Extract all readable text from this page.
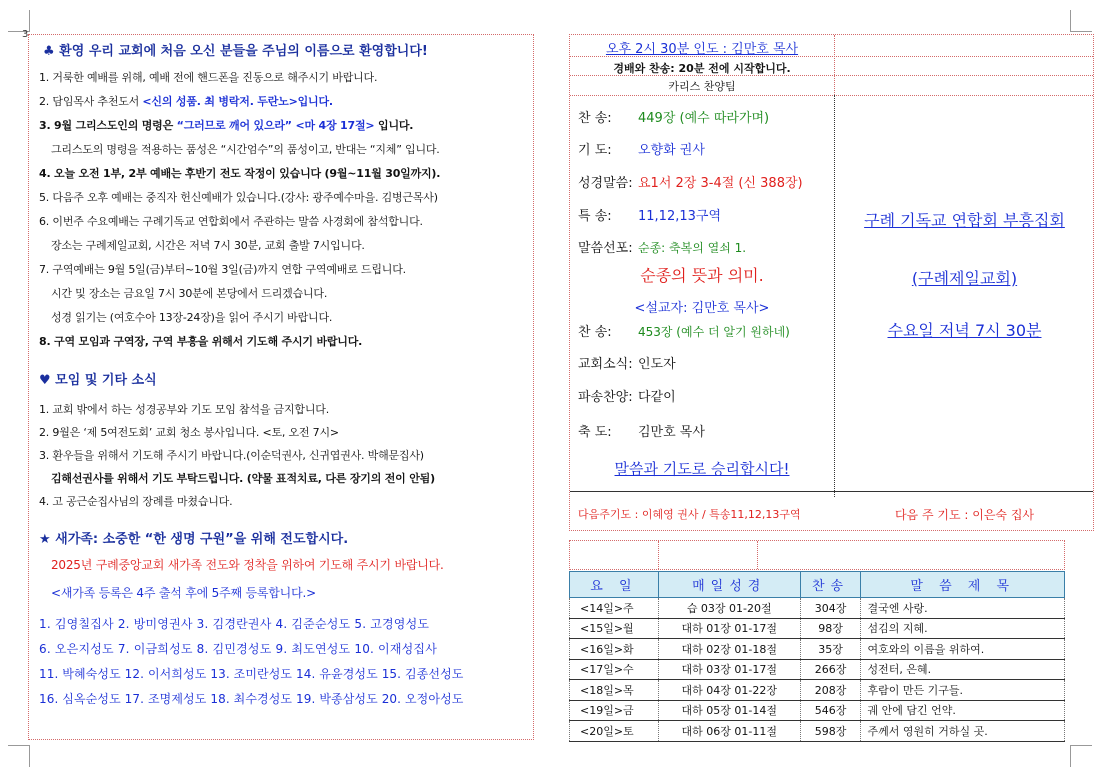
3
♣ 환영 우리 교회에 처음 오신 분들을 주님의 이름으로 환영합니다!
1. 거룩한 예배를 위해, 예배 전에 핸드폰을 진동으로 해주시기 바랍니다.
2. 담임목사 추천도서 <신의 성품. 최 병락저. 두란노>입니다.
3. 9월 그리스도인의 명령은 “그러므로 깨어 있으라” <마 4장 17절> 입니다.
그리스도의 명령을 적용하는 품성은 “시간엄수”의 품성이고, 반대는 “지체” 입니다.
4. 오늘 오전 1부, 2부 예배는 후반기 전도 작정이 있습니다 (9월~11월 30일까지).
5. 다음주 오후 예배는 중직자 헌신예배가 있습니다.(강사: 광주예수마을. 김병근목사)
6. 이번주 수요예배는 구례기독교 연합회에서 주관하는 말씀 사경회에 참석합니다.
장소는 구례제일교회, 시간은 저녁 7시 30분, 교회 출발 7시입니다.
7. 구역예배는 9월 5일(금)부터~10월 3일(금)까지 연합 구역예배로 드립니다.
시간 및 장소는 금요일 7시 30분에 본당에서 드리겠습니다.
성경 읽기는 (여호수아 13장-24장)을 읽어 주시기 바랍니다.
8. 구역 모임과 구역장, 구역 부흥을 위해서 기도해 주시기 바랍니다.
♥ 모임 및 기타 소식
1. 교회 밖에서 하는 성경공부와 기도 모임 참석을 금지합니다.
2. 9월은 ‘제 5여전도회’ 교회 청소 봉사입니다. <토, 오전 7시>
3. 환우들을 위해서 기도해 주시기 바랍니다.(이순덕권사, 신귀엽권사. 박해문집사)
김해선권사를 위해서 기도 부탁드립니다. (약물 표적치료, 다른 장기의 전이 안됨)
4. 고 공근순집사님의 장례를 마쳤습니다.
★ 새가족: 소중한 “한 생명 구원”을 위해 전도합시다.
2025년 구례중앙교회 새가족 전도와 정착을 위하여 기도해 주시기 바랍니다.
<새가족 등록은 4주 출석 후에 5주째 등록합니다.>
1. 김영칠집사 2. 방미영권사 3. 김경란권사 4. 김준순성도 5. 고경영성도
6. 오은지성도 7. 이금희성도 8. 김민경성도 9. 최도연성도 10. 이재성집사
11. 박혜숙성도 12. 이서희성도 13. 조미란성도 14. 유윤경성도 15. 김종선성도
16. 심옥순성도 17. 조명제성도 18. 최수경성도 19. 박종삼성도 20. 오정아성도
오후 2시 30분 인도 : 김만호 목사
경배와 찬송: 20분 전에 시작합니다.
카리스 찬양팀
찬 송: 449장 (예수 따라가며)
기 도: 오향화 권사
성경말씀: 요1서 2장 3-4절 (신 388장)
특 송: 11,12,13구역
말씀선포: 순종: 축복의 열쇠 1.
순종의 뜻과 의미.
<설교자: 김만호 목사>
찬 송: 453장 (예수 더 알기 원하네)
교회소식: 인도자
파송찬양: 다같이
축 도: 김만호 목사
말씀과 기도로 승리합시다!
구례 기독교 연합회 부흥집회
(구례제일교회)
수요일 저녁 7시 30분
다음주기도 : 이혜영 권사 / 특송11,12,13구역	다음 주 기도 : 이은숙 집사
요 일	매일성경	찬송	말 씀 제 목
<14일>주	습 03장 01-20절	304장	결국엔 사랑.
<15일>월	대하 01장 01-17절	98장	섬김의 지혜.
<16일>화	대하 02장 01-18절	35장	여호와의 이름을 위하여.
<17일>수	대하 03장 01-17절	266장	성전터, 은혜.
<18일>목	대하 04장 01-22장	208장	후람이 만든 기구들.
<19일>금	대하 05장 01-14절	546장	궤 안에 담긴 언약.
<20일>토	대하 06장 01-11절	598장	주께서 영원히 거하실 곳.
